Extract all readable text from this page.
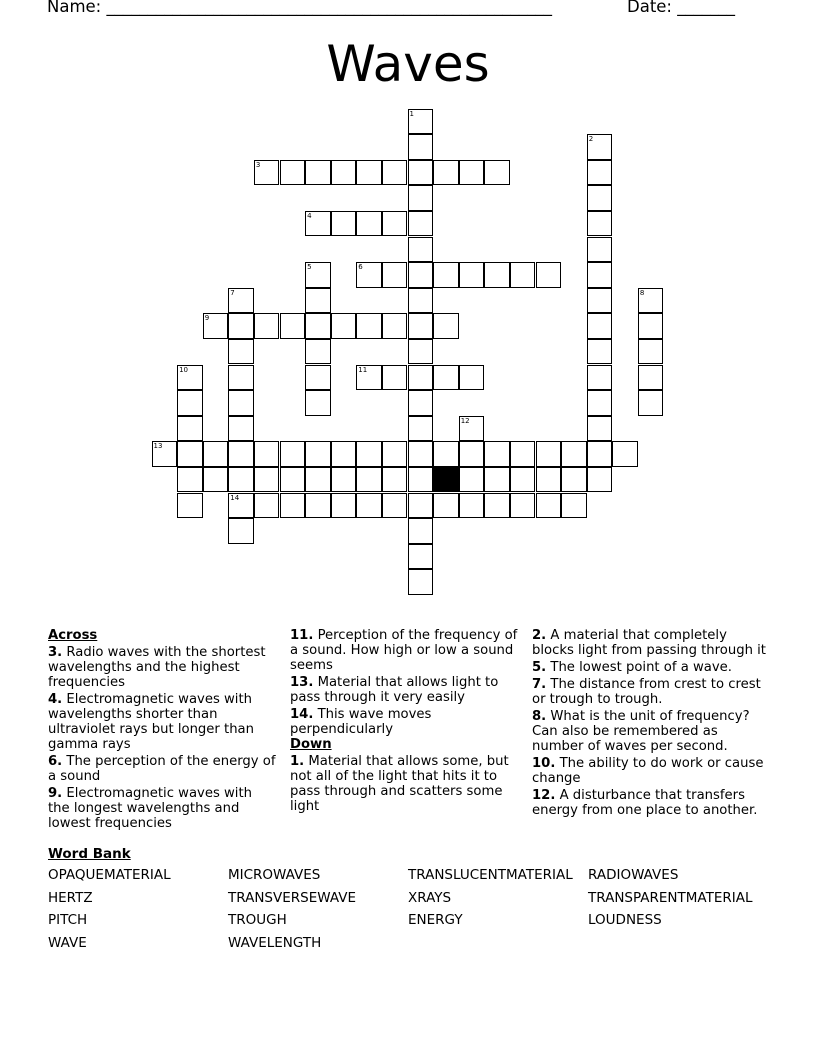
Name: ______________________________________________________	Date: _______
Waves
1
2
3
4
5	6
7
14
8
9
10	11
12
13
Across
3. Radio waves with the shortest wavelengths and the highest frequencies
4. Electromagnetic waves with wavelengths shorter than ultraviolet rays but longer than gamma rays
6. The perception of the energy of a sound
9. Electromagnetic waves with the longest wavelengths and lowest frequencies
11. Perception of the frequency of a sound. How high or low a sound seems
13. Material that allows light to pass through it very easily
14. This wave moves perpendicularly
Down
1. Material that allows some, but not all of the light that hits it to pass through and scatters some light
2. A material that completely blocks light from passing through it
5. The lowest point of a wave.
7. The distance from crest to crest or trough to trough.
8. What is the unit of frequency? Can also be remembered as number of waves per second.
10. The ability to do work or cause change
12. A disturbance that transfers energy from one place to another.
Word Bank
OPAQUEMATERIAL	MICROWAVES	TRANSLUCENTMATERIAL RADIOWAVES
HERTZ	TRANSVERSEWAVE	XRAYS	TRANSPARENTMATERIAL
PITCH	TROUGH	ENERGY	LOUDNESS
WAVE	WAVELENGTH
